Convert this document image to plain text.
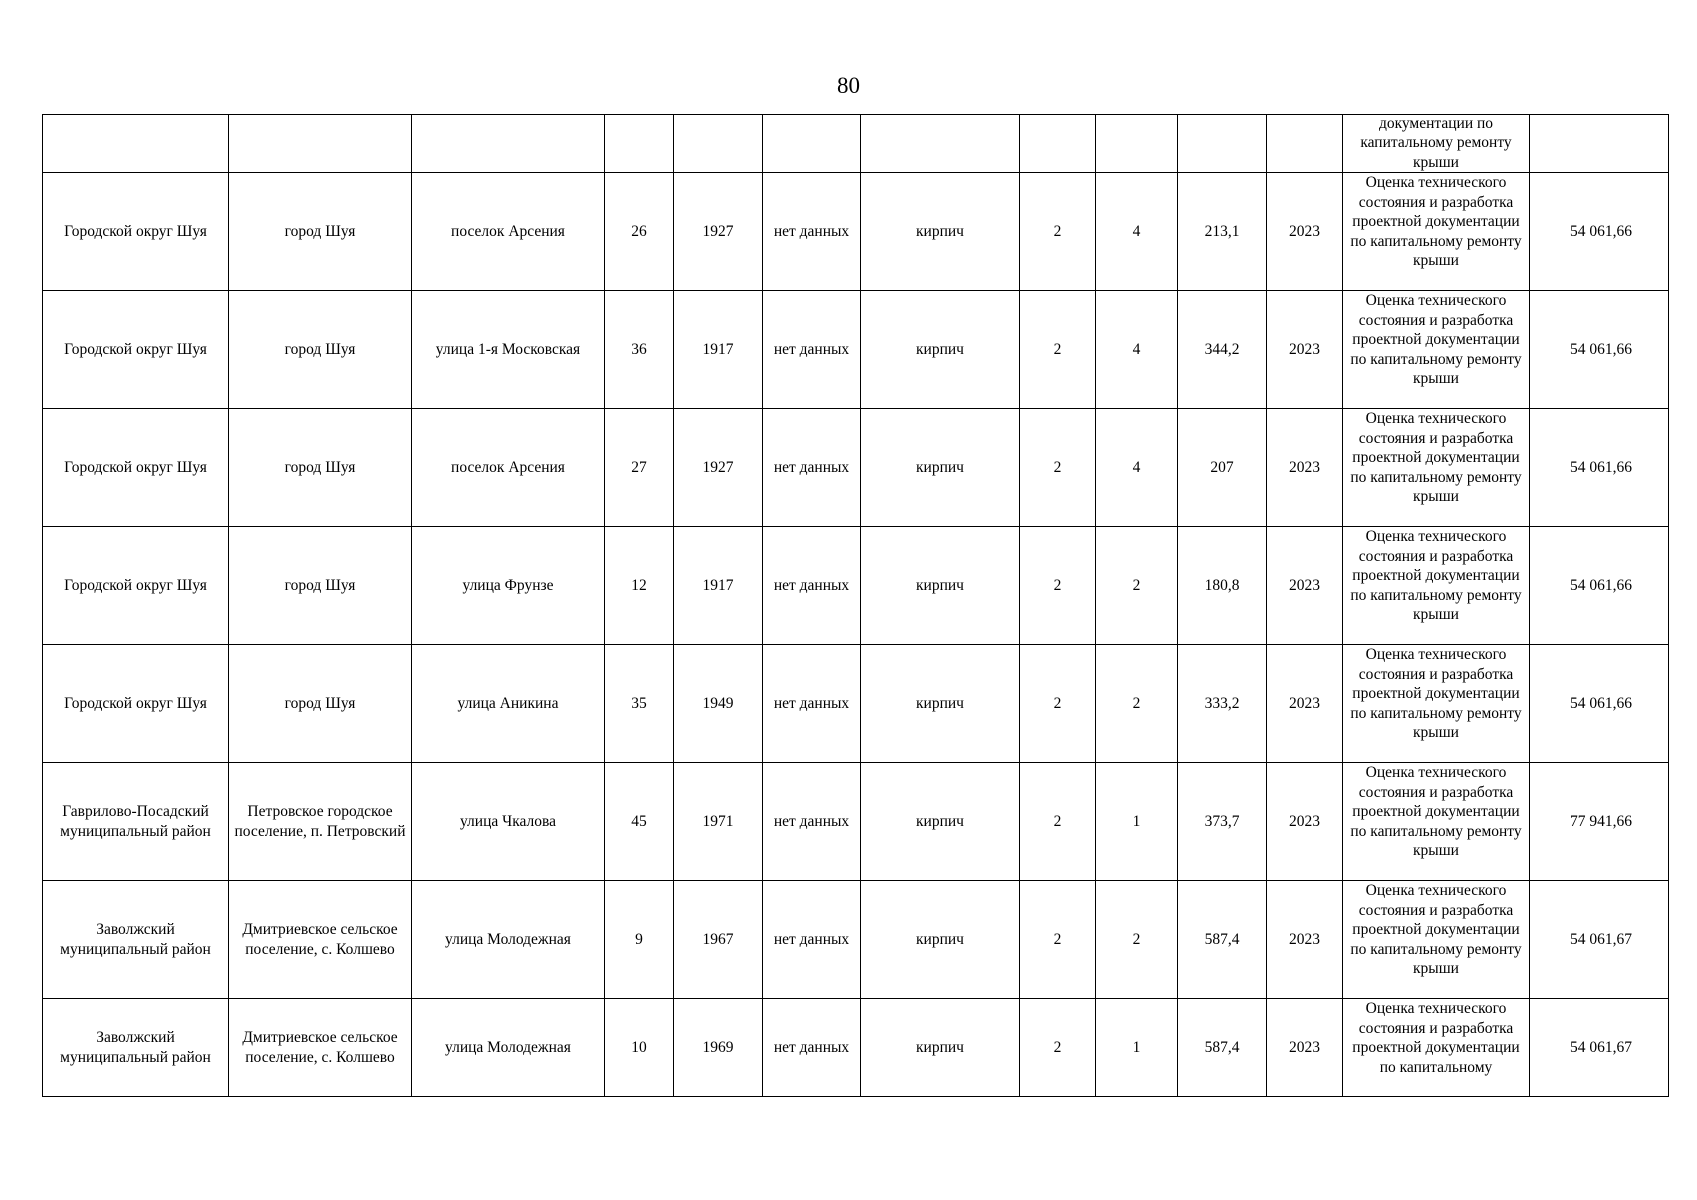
80

											документации по капитальному ремонту крыши	

Городской округ Шуя	город Шуя	поселок Арсения	26	1927	нет данных	кирпич	2	4	213,1	2023	Оценка технического состояния и разработка проектной документации по капитальному ремонту крыши	54 061,66
Городской округ Шуя	город Шуя	улица 1-я Московская	36	1917	нет данных	кирпич	2	4	344,2	2023	Оценка технического состояния и разработка проектной документации по капитальному ремонту крыши	54 061,66
Городской округ Шуя	город Шуя	поселок Арсения	27	1927	нет данных	кирпич	2	4	207	2023	Оценка технического состояния и разработка проектной документации по капитальному ремонту крыши	54 061,66
Городской округ Шуя	город Шуя	улица Фрунзе	12	1917	нет данных	кирпич	2	2	180,8	2023	Оценка технического состояния и разработка проектной документации по капитальному ремонту крыши	54 061,66
Городской округ Шуя	город Шуя	улица Аникина	35	1949	нет данных	кирпич	2	2	333,2	2023	Оценка технического состояния и разработка проектной документации по капитальному ремонту крыши	54 061,66
Гаврилово-Посадский муниципальный район	Петровское городское поселение, п. Петровский	улица Чкалова	45	1971	нет данных	кирпич	2	1	373,7	2023	Оценка технического состояния и разработка проектной документации по капитальному ремонту крыши	77 941,66
Заволжский муниципальный район	Дмитриевское сельское поселение, с. Колшево	улица Молодежная	9	1967	нет данных	кирпич	2	2	587,4	2023	Оценка технического состояния и разработка проектной документации по капитальному ремонту крыши	54 061,67
Заволжский муниципальный район	Дмитриевское сельское поселение, с. Колшево	улица Молодежная	10	1969	нет данных	кирпич	2	1	587,4	2023	Оценка технического состояния и разработка проектной документации по капитальному	54 061,67
